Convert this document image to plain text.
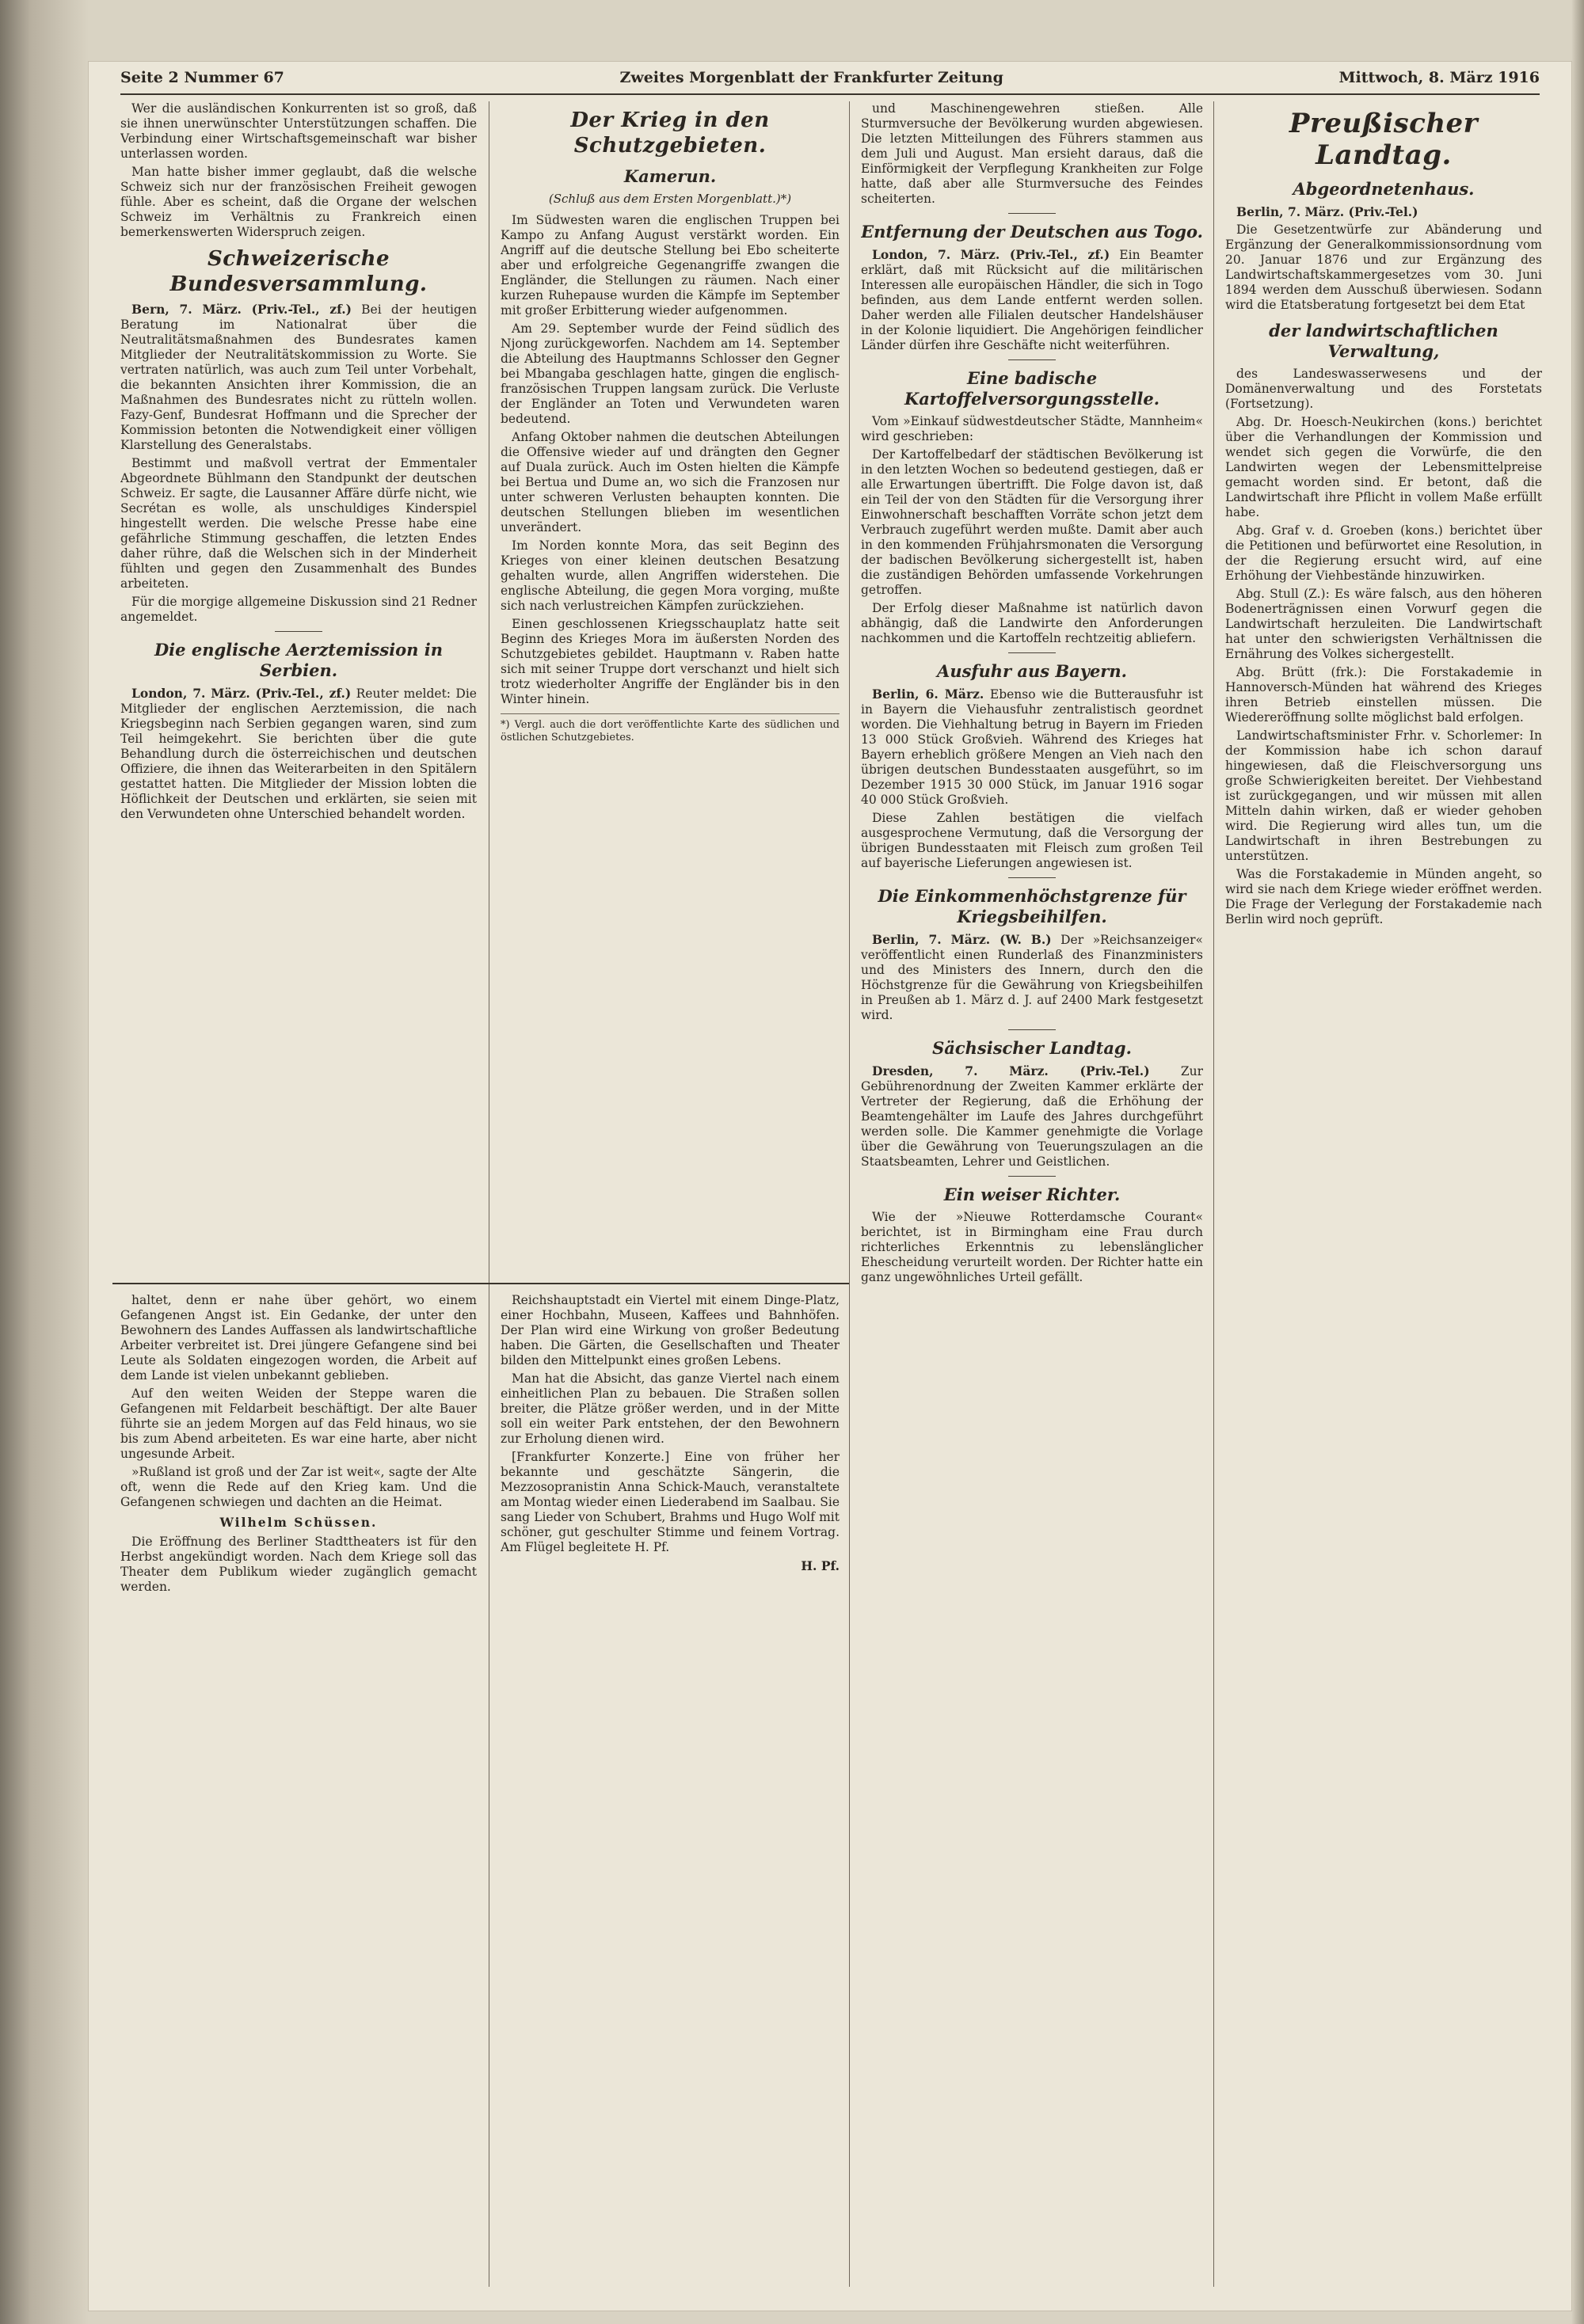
Seite 2 Nummer 67	Zweites Morgenblatt der Frankfurter Zeitung	Mittwoch, 8. März 1916

Wer die ausländischen Konkurrenten ist so groß, daß sie ihnen unerwünschter Unterstützungen schaffen. Die Verbindung einer Wirtschaftsgemeinschaft war bisher unterlassen worden.

Man hatte bisher immer geglaubt, daß die welsche Schweiz sich nur der französischen Freiheit gewogen fühle. Aber es scheint, daß die Organe der welschen Schweiz im Verhältnis zu Frankreich einen bemerkenswerten Widerspruch zeigen.

Schweizerische Bundesversammlung.

Bern, 7. März. (Priv.-Tel., zf.) Bei der heutigen Beratung im Nationalrat über die Neutralitätsmaßnahmen des Bundesrates kamen Mitglieder der Neutralitätskommission zu Worte. Sie vertraten natürlich, was auch zum Teil unter Vorbehalt, die bekannten Ansichten ihrer Kommission, die an Maßnahmen des Bundesrates nicht zu rütteln wollen. Fazy-Genf, Bundesrat Hoffmann und die Sprecher der Kommission betonten die Notwendigkeit einer völligen Klarstellung des Generalstabs.

Bestimmt und maßvoll vertrat der Emmentaler Abgeordnete Bühlmann den Standpunkt der deutschen Schweiz. Er sagte, die Lausanner Affäre dürfe nicht, wie Secrétan es wolle, als unschuldiges Kinderspiel hingestellt werden. Die welsche Presse habe eine gefährliche Stimmung geschaffen, die letzten Endes daher rühre, daß die Welschen sich in der Minderheit fühlten und gegen den Zusammenhalt des Bundes arbeiteten.

Für die morgige allgemeine Diskussion sind 21 Redner angemeldet.

Die englische Aerztemission in Serbien.

London, 7. März. (Priv.-Tel., zf.) Reuter meldet: Die Mitglieder der englischen Aerztemission, die nach Kriegsbeginn nach Serbien gegangen waren, sind zum Teil heimgekehrt. Sie berichten über die gute Behandlung durch die österreichischen und deutschen Offiziere, die ihnen das Weiterarbeiten in den Spitälern gestattet hatten. Die Mitglieder der Mission lobten die Höflichkeit der Deutschen und erklärten, sie seien mit den Verwundeten ohne Unterschied behandelt worden.

Der Krieg in den Schutzgebieten.
Kamerun.
(Schluß aus dem Ersten Morgenblatt.)*)

Im Südwesten waren die englischen Truppen bei Kampo zu Anfang August verstärkt worden. Ein Angriff auf die deutsche Stellung bei Ebo scheiterte aber und erfolgreiche Gegenangriffe zwangen die Engländer, die Stellungen zu räumen. Nach einer kurzen Ruhepause wurden die Kämpfe im September mit großer Erbitterung wieder aufgenommen.

Am 29. September wurde der Feind südlich des Njong zurückgeworfen. Nachdem am 14. September die Abteilung des Hauptmanns Schlosser den Gegner bei Mbangaba geschlagen hatte, gingen die englisch-französischen Truppen langsam zurück. Die Verluste der Engländer an Toten und Verwundeten waren bedeutend.

Anfang Oktober nahmen die deutschen Abteilungen die Offensive wieder auf und drängten den Gegner auf Duala zurück. Auch im Osten hielten die Kämpfe bei Bertua und Dume an, wo sich die Franzosen nur unter schweren Verlusten behaupten konnten. Die deutschen Stellungen blieben im wesentlichen unverändert.

Im Norden konnte Mora, das seit Beginn des Krieges von einer kleinen deutschen Besatzung gehalten wurde, allen Angriffen widerstehen. Die englische Abteilung, die gegen Mora vorging, mußte sich nach verlustreichen Kämpfen zurückziehen.

Einen geschlossenen Kriegsschauplatz hatte seit Beginn des Krieges Mora im äußersten Norden des Schutzgebietes gebildet. Hauptmann v. Raben hatte sich mit seiner Truppe dort verschanzt und hielt sich trotz wiederholter Angriffe der Engländer bis in den Winter hinein.

*) Vergl. auch die dort veröffentlichte Karte des südlichen und östlichen Schutzgebietes.

und Maschinengewehren stießen. Alle Sturmversuche der Bevölkerung wurden abgewiesen. Die letzten Mitteilungen des Führers stammen aus dem Juli und August. Man ersieht daraus, daß die Einförmigkeit der Verpflegung Krankheiten zur Folge hatte, daß aber alle Sturmversuche des Feindes scheiterten.

Entfernung der Deutschen aus Togo.

London, 7. März. (Priv.-Tel., zf.) Ein Beamter erklärt, daß mit Rücksicht auf die militärischen Interessen alle europäischen Händler, die sich in Togo befinden, aus dem Lande entfernt werden sollen. Daher werden alle Filialen deutscher Handelshäuser in der Kolonie liquidiert. Die Angehörigen feindlicher Länder dürfen ihre Geschäfte nicht weiterführen.

Eine badische Kartoffelversorgungsstelle.

Vom »Einkauf südwestdeutscher Städte, Mannheim« wird geschrieben:

Der Kartoffelbedarf der städtischen Bevölkerung ist in den letzten Wochen so bedeutend gestiegen, daß er alle Erwartungen übertrifft. Die Folge davon ist, daß ein Teil der von den Städten für die Versorgung ihrer Einwohnerschaft beschafften Vorräte schon jetzt dem Verbrauch zugeführt werden mußte. Damit aber auch in den kommenden Frühjahrsmonaten die Versorgung der badischen Bevölkerung sichergestellt ist, haben die zuständigen Behörden umfassende Vorkehrungen getroffen.

Der Erfolg dieser Maßnahme ist natürlich davon abhängig, daß die Landwirte den Anforderungen nachkommen und die Kartoffeln rechtzeitig abliefern.

Ausfuhr aus Bayern.

Berlin, 6. März. Ebenso wie die Butterausfuhr ist in Bayern die Viehausfuhr zentralistisch geordnet worden. Die Viehhaltung betrug in Bayern im Frieden 13 000 Stück Großvieh. Während des Krieges hat Bayern erheblich größere Mengen an Vieh nach den übrigen deutschen Bundesstaaten ausgeführt, so im Dezember 1915 30 000 Stück, im Januar 1916 sogar 40 000 Stück Großvieh.

Diese Zahlen bestätigen die vielfach ausgesprochene Vermutung, daß die Versorgung der übrigen Bundesstaaten mit Fleisch zum großen Teil auf bayerische Lieferungen angewiesen ist.

Die Einkommenhöchstgrenze für Kriegsbeihilfen.

Berlin, 7. März. (W. B.) Der »Reichsanzeiger« veröffentlicht einen Runderlaß des Finanzministers und des Ministers des Innern, durch den die Höchstgrenze für die Gewährung von Kriegsbeihilfen in Preußen ab 1. März d. J. auf 2400 Mark festgesetzt wird.

Sächsischer Landtag.

Dresden, 7. März. (Priv.-Tel.)	Zur Gebührenordnung der Zweiten Kammer erklärte der Vertreter der Regierung, daß die Erhöhung der Beamtengehälter im Laufe des Jahres durchgeführt werden solle. Die Kammer genehmigte die Vorlage über die Gewährung von Teuerungszulagen an die Staatsbeamten, Lehrer und Geistlichen.

Ein weiser Richter.

Wie der »Nieuwe Rotterdamsche Courant« berichtet, ist in Birmingham eine Frau durch richterliches Erkenntnis zu lebenslänglicher Ehescheidung verurteilt worden. Der Richter hatte ein ganz ungewöhnliches Urteil gefällt.

Preußischer Landtag.
Abgeordnetenhaus.

Berlin, 7. März. (Priv.-Tel.)

Die Gesetzentwürfe zur Abänderung und Ergänzung der Generalkommissionsordnung vom 20. Januar 1876 und zur Ergänzung des Landwirtschaftskammergesetzes vom 30. Juni 1894 werden dem Ausschuß überwiesen. Sodann wird die Etatsberatung fortgesetzt bei dem Etat

der landwirtschaftlichen Verwaltung,

des Landeswasserwesens und der Domänenverwaltung und des Forstetats (Fortsetzung).

Abg. Dr. Hoesch-Neukirchen (kons.) berichtet über die Verhandlungen der Kommission und wendet sich gegen die Vorwürfe, die den Landwirten wegen der Lebensmittelpreise gemacht worden sind. Er betont, daß die Landwirtschaft ihre Pflicht in vollem Maße erfüllt habe.

Abg. Graf v. d. Groeben (kons.) berichtet über die Petitionen und befürwortet eine Resolution, in der die Regierung ersucht wird, auf eine Erhöhung der Viehbestände hinzuwirken.

Abg. Stull (Z.): Es wäre falsch, aus den höheren Bodenerträgnissen einen Vorwurf gegen die Landwirtschaft herzuleiten. Die Landwirtschaft hat unter den schwierigsten Verhältnissen die Ernährung des Volkes sichergestellt.

Abg. Brütt (frk.): Die Forstakademie in Hannoversch-Münden hat während des Krieges ihren Betrieb einstellen müssen. Die Wiedereröffnung sollte möglichst bald erfolgen.

Landwirtschaftsminister Frhr. v. Schorlemer: In der Kommission habe ich schon darauf hingewiesen, daß die Fleischversorgung uns große Schwierigkeiten bereitet. Der Viehbestand ist zurückgegangen, und wir müssen mit allen Mitteln dahin wirken, daß er wieder gehoben wird. Die Regierung wird alles tun, um die Landwirtschaft in ihren Bestrebungen zu unterstützen.

Was die Forstakademie in Münden angeht, so wird sie nach dem Kriege wieder eröffnet werden. Die Frage der Verlegung der Forstakademie nach Berlin wird noch geprüft.

haltet, denn er nahe über gehört, wo einem Gefangenen Angst ist. Ein Gedanke, der unter den Bewohnern des Landes Auffassen als landwirtschaftliche Arbeiter verbreitet ist. Drei jüngere Gefangene sind bei Leute als Soldaten eingezogen worden, die Arbeit auf dem Lande ist vielen unbekannt geblieben.

Auf den weiten Weiden der Steppe waren die Gefangenen mit Feldarbeit beschäftigt. Der alte Bauer führte sie an jedem Morgen auf das Feld hinaus, wo sie bis zum Abend arbeiteten. Es war eine harte, aber nicht ungesunde Arbeit.

»Rußland ist groß und der Zar ist weit«, sagte der Alte oft, wenn die Rede auf den Krieg kam. Und die Gefangenen schwiegen und dachten an die Heimat.

Wilhelm Schüssen.

Die Eröffnung des Berliner Stadttheaters ist für den Herbst angekündigt worden. Nach dem Kriege soll das Theater dem Publikum wieder zugänglich gemacht werden.

Reichshauptstadt ein Viertel mit einem Dinge-Platz, einer Hochbahn, Museen, Kaffees und Bahnhöfen. Der Plan wird eine Wirkung von großer Bedeutung haben. Die Gärten, die Gesellschaften und Theater bilden den Mittelpunkt eines großen Lebens.

Man hat die Absicht, das ganze Viertel nach einem einheitlichen Plan zu bebauen. Die Straßen sollen breiter, die Plätze größer werden, und in der Mitte soll ein weiter Park entstehen, der den Bewohnern zur Erholung dienen wird.

[Frankfurter Konzerte.] Eine von früher her bekannte und geschätzte Sängerin, die Mezzosopranistin Anna Schick-Mauch, veranstaltete am Montag wieder einen Liederabend im Saalbau. Sie sang Lieder von Schubert, Brahms und Hugo Wolf mit schöner, gut geschulter Stimme und feinem Vortrag. Am Flügel begleitete H. Pf.

H. Pf.
